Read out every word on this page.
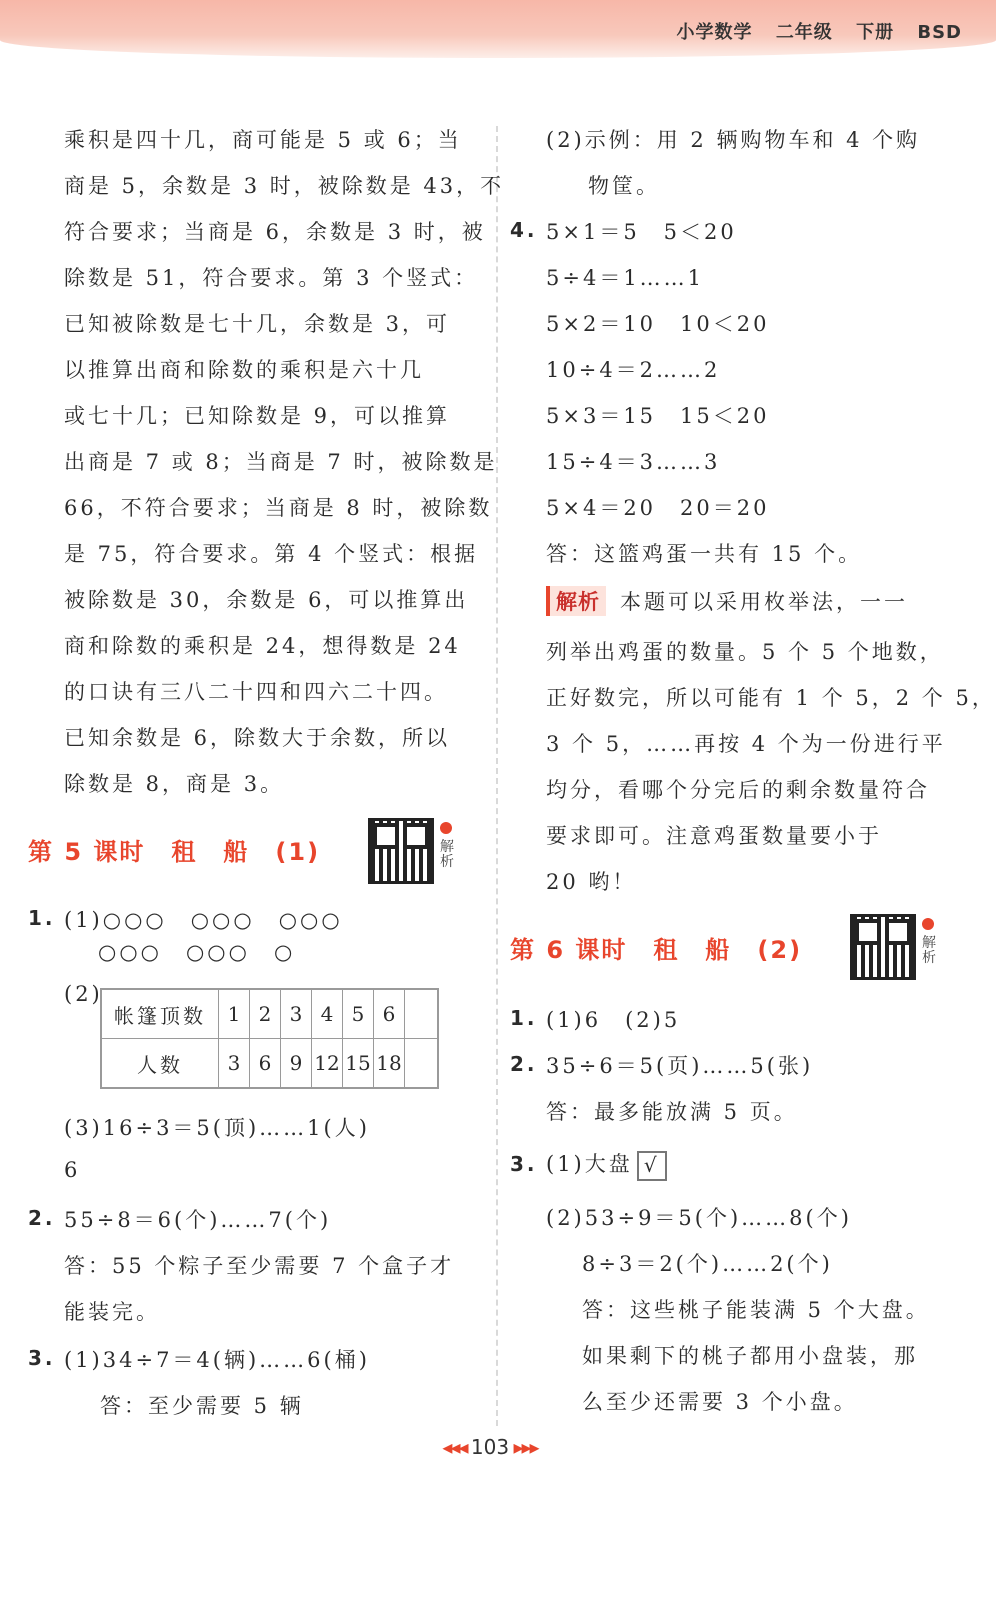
小学数学 二年级 下册 BSD
乘积是四十几，商可能是 5 或 6；当
商是 5，余数是 3 时，被除数是 43，不
符合要求；当商是 6，余数是 3 时，被
除数是 51，符合要求。第 3 个竖式：
已知被除数是七十几，余数是 3，可
以推算出商和除数的乘积是六十几
或七十几；已知除数是 9，可以推算
出商是 7 或 8；当商是 7 时，被除数是
66，不符合要求；当商是 8 时，被除数
是 75，符合要求。第 4 个竖式：根据
被除数是 30，余数是 6，可以推算出
商和除数的乘积是 24，想得数是 24
的口诀有三八二十四和四六二十四。
已知余数是 6，除数大于余数，所以
除数是 8，商是 3。
第 5 课时　租　船　(1)	解析
1. (1)○○○　○○○　○○○
○○○　○○○　○
(2)
帐篷顶数	1	2	3	4	5	6	
人数	3	6	9	12	15	18	
(3)16÷3＝5(顶)……1(人)
6
2. 55÷8＝6(个)……7(个)
答：55 个粽子至少需要 7 个盒子才
能装完。
3. (1)34÷7＝4(辆)……6(桶)
答：至少需要 5 辆
(2)示例：用 2 辆购物车和 4 个购
物筐。
4. 5×1＝5　5＜20
5÷4＝1……1
5×2＝10　10＜20
10÷4＝2……2
5×3＝15　15＜20
15÷4＝3……3
5×4＝20　20＝20
答：这篮鸡蛋一共有 15 个。
解析 本题可以采用枚举法，一一
列举出鸡蛋的数量。5 个 5 个地数，
正好数完，所以可能有 1 个 5，2 个 5，
3 个 5，……再按 4 个为一份进行平
均分，看哪个分完后的剩余数量符合
要求即可。注意鸡蛋数量要小于
20 哟！
第 6 课时　租　船　(2)	解析
1. (1)6　(2)5
2. 35÷6＝5(页)……5(张)
答：最多能放满 5 页。
3. (1)大盘 √
(2)53÷9＝5(个)……8(个)
8÷3＝2(个)……2(个)
答：这些桃子能装满 5 个大盘。
如果剩下的桃子都用小盘装，那
么至少还需要 3 个小盘。
◂◂◂ 103 ▸▸▸
